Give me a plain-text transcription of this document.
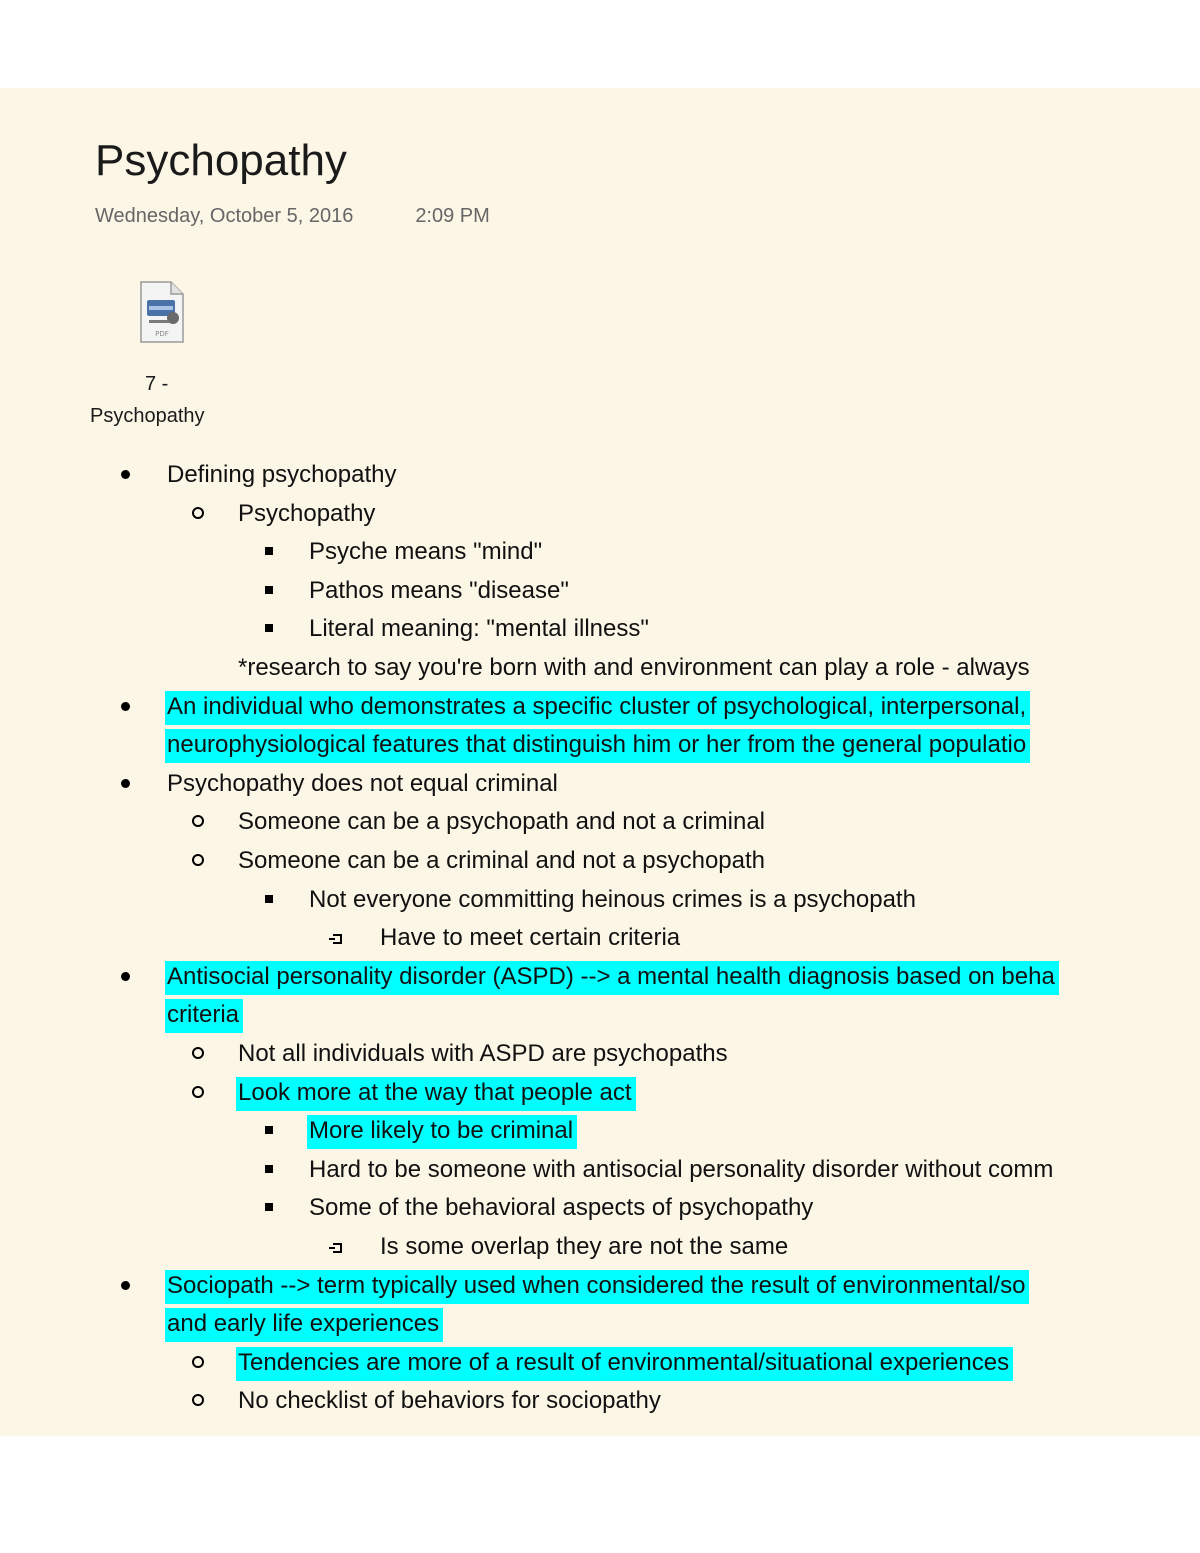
Psychopathy
Wednesday, October 5, 2016	2:09 PM
PDF
7 -
Psychopathy
Defining psychopathy
Psychopathy
Psyche means "mind"
Pathos means "disease"
Literal meaning: "mental illness"
*research to say you're born with and environment can play a role - always
An individual who demonstrates a specific cluster of psychological, interpersonal,
neurophysiological features that distinguish him or her from the general populatio
Psychopathy does not equal criminal
Someone can be a psychopath and not a criminal
Someone can be a criminal and not a psychopath
Not everyone committing heinous crimes is a psychopath
Have to meet certain criteria
Antisocial personality disorder (ASPD) --> a mental health diagnosis based on beha
criteria
Not all individuals with ASPD are psychopaths
Look more at the way that people act
More likely to be criminal
Hard to be someone with antisocial personality disorder without comm
Some of the behavioral aspects of psychopathy
Is some overlap they are not the same
Sociopath --> term typically used when considered the result of environmental/so
and early life experiences
Tendencies are more of a result of environmental/situational experiences
No checklist of behaviors for sociopathy
